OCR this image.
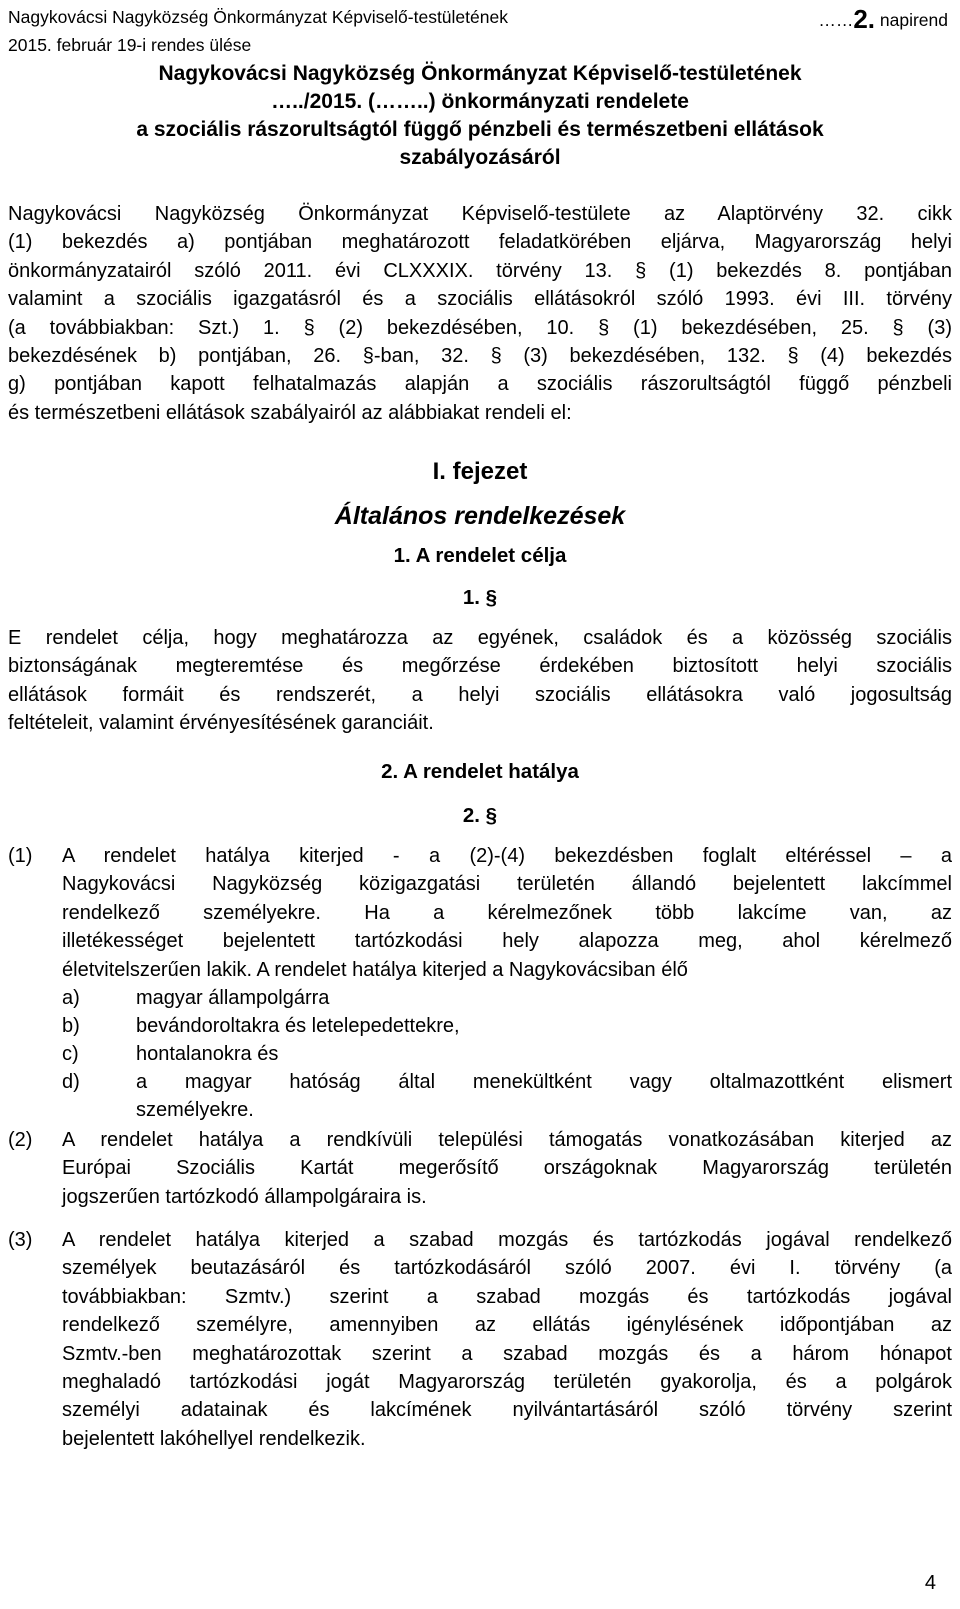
Nagykovácsi Nagyközség Önkormányzat Képviselő-testületének	……2. napirend
2015. február 19-i rendes ülése
Nagykovácsi Nagyközség Önkormányzat Képviselő-testületének
…../2015. (……..) önkormányzati rendelete
a szociális rászorultságtól függő pénzbeli és természetbeni ellátások
szabályozásáról
Nagykovácsi Nagyközség Önkormányzat Képviselő-testülete az Alaptörvény 32. cikk
(1) bekezdés a) pontjában meghatározott feladatkörében eljárva, Magyarország helyi
önkormányzatairól szóló 2011. évi CLXXXIX. törvény 13. § (1) bekezdés 8. pontjában
valamint a szociális igazgatásról és a szociális ellátásokról szóló 1993. évi III. törvény
(a továbbiakban: Szt.) 1. § (2) bekezdésében, 10. § (1) bekezdésében, 25. § (3)
bekezdésének b) pontjában, 26. §-ban, 32. § (3) bekezdésében, 132. § (4) bekezdés
g) pontjában kapott felhatalmazás alapján a szociális rászorultságtól függő pénzbeli
és természetbeni ellátások szabályairól az alábbiakat rendeli el:
I. fejezet
Általános rendelkezések
1. A rendelet célja
1. §
E rendelet célja, hogy meghatározza az egyének, családok és a közösség szociális
biztonságának megteremtése és megőrzése érdekében biztosított helyi szociális
ellátások formáit és rendszerét, a helyi szociális ellátásokra való jogosultság
feltételeit, valamint érvényesítésének garanciáit.
2. A rendelet hatálya
2. §
(1) A rendelet hatálya kiterjed - a (2)-(4) bekezdésben foglalt eltéréssel – a
Nagykovácsi Nagyközség közigazgatási területén állandó bejelentett lakcímmel
rendelkező személyekre. Ha a kérelmezőnek több lakcíme van, az
illetékességet bejelentett tartózkodási hely alapozza meg, ahol kérelmező
életvitelszerűen lakik. A rendelet hatálya kiterjed a Nagykovácsiban élő
a)	magyar állampolgárra
b)	bevándoroltakra és letelepedettekre,
c)	hontalanokra és
d)	a magyar hatóság által menekültként vagy oltalmazottként elismert
személyekre.
(2) A rendelet hatálya a rendkívüli települési támogatás vonatkozásában kiterjed az
Európai Szociális Kartát megerősítő országoknak Magyarország területén
jogszerűen tartózkodó állampolgáraira is.
(3) A rendelet hatálya kiterjed a szabad mozgás és tartózkodás jogával rendelkező
személyek beutazásáról és tartózkodásáról szóló 2007. évi I. törvény (a
továbbiakban: Szmtv.) szerint a szabad mozgás és tartózkodás jogával
rendelkező személyre, amennyiben az ellátás igénylésének időpontjában az
Szmtv.-ben meghatározottak szerint a szabad mozgás és a három hónapot
meghaladó tartózkodási jogát Magyarország területén gyakorolja, és a polgárok
személyi adatainak és lakcímének nyilvántartásáról szóló törvény szerint
bejelentett lakóhellyel rendelkezik.
4
